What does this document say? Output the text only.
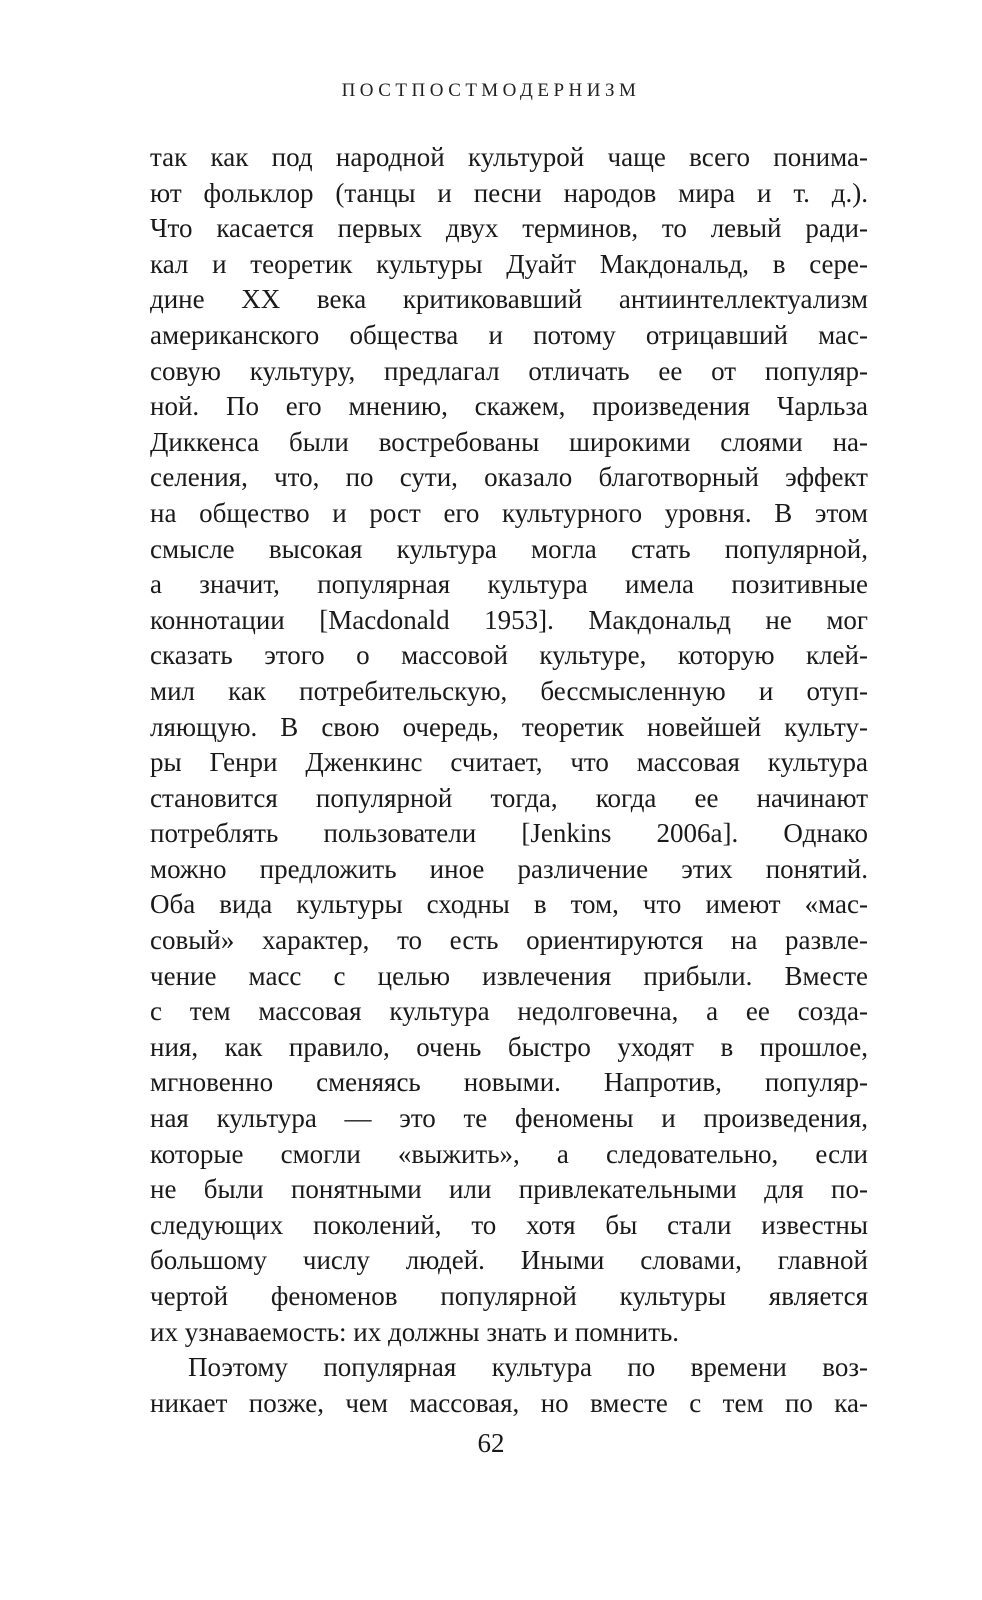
ПОСТПОСТМОДЕРНИЗМ
так как под народной культурой чаще всего понима-
ют фольклор (танцы и песни народов мира и т. д.).
Что касается первых двух терминов, то левый ради-
кал и теоретик культуры Дуайт Макдональд, в сере-
дине XX века критиковавший антиинтеллектуализм
американского общества и потому отрицавший мас-
совую культуру, предлагал отличать ее от популяр-
ной. По его мнению, скажем, произведения Чарльза
Диккенса были востребованы широкими слоями на-
селения, что, по сути, оказало благотворный эффект
на общество и рост его культурного уровня. В этом
смысле высокая культура могла стать популярной,
а значит, популярная культура имела позитивные
коннотации [Macdonald 1953]. Макдональд не мог
сказать этого о массовой культуре, которую клей-
мил как потребительскую, бессмысленную и отуп-
ляющую. В свою очередь, теоретик новейшей культу-
ры Генри Дженкинс считает, что массовая культура
становится популярной тогда, когда ее начинают
потреблять пользователи [Jenkins 2006a]. Однако
можно предложить иное различение этих понятий.
Оба вида культуры сходны в том, что имеют «мас-
совый» характер, то есть ориентируются на развле-
чение масс с целью извлечения прибыли. Вместе
с тем массовая культура недолговечна, а ее созда-
ния, как правило, очень быстро уходят в прошлое,
мгновенно сменяясь новыми. Напротив, популяр-
ная культура — это те феномены и произведения,
которые смогли «выжить», а следовательно, если
не были понятными или привлекательными для по-
следующих поколений, то хотя бы стали известны
большому числу людей. Иными словами, главной
чертой феноменов популярной культуры является
их узнаваемость: их должны знать и помнить.
Поэтому популярная культура по времени воз-
никает позже, чем массовая, но вместе с тем по ка-
62
